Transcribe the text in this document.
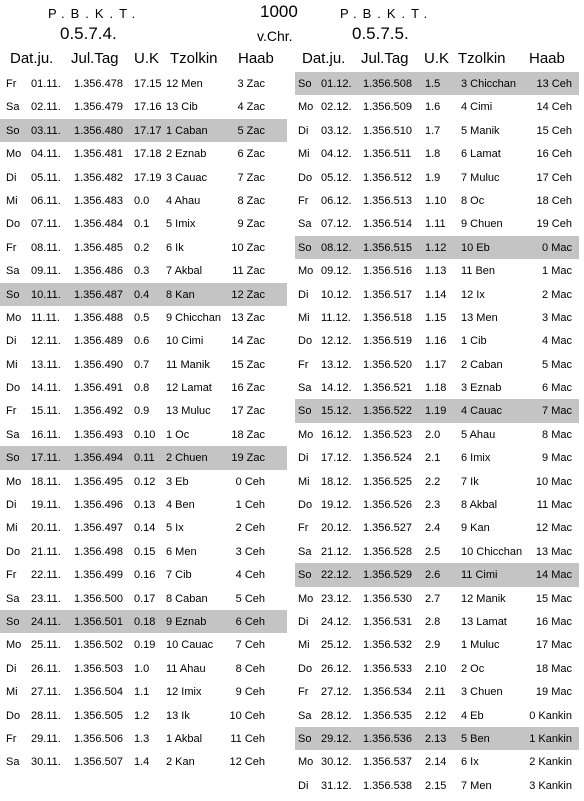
P.B.K.T.
0.5.7.4.
1000
v.Chr.
P.B.K.T.
0.5.7.5.
Dat.ju. Jul.Tag U.K Tzolkin Haab
Fr 01.11. 1.356.478 17.15 12 Men	3 Zac
Sa 02.11. 1.356.479 17.16 13 Cib	4 Zac
So 03.11. 1.356.480 17.17 1 Caban	5 Zac
Mo 04.11. 1.356.481 17.18 2 Eznab	6 Zac
Di 05.11. 1.356.482 17.19 3 Cauac	7 Zac
Mi 06.11. 1.356.483 0.0 4 Ahau	8 Zac
Do 07.11. 1.356.484 0.1 5 Imix	9 Zac
Fr 08.11. 1.356.485 0.2 6 Ik	10 Zac
Sa 09.11. 1.356.486 0.3 7 Akbal	11 Zac
So 10.11. 1.356.487 0.4 8 Kan	12 Zac
Mo 11.11. 1.356.488 0.5 9 Chicchan 13 Zac
Di 12.11. 1.356.489 0.6 10 Cimi	14 Zac
Mi 13.11. 1.356.490 0.7 11 Manik 15 Zac
Do 14.11. 1.356.491 0.8 12 Lamat 16 Zac
Fr 15.11. 1.356.492 0.9 13 Muluc 17 Zac
Sa 16.11. 1.356.493 0.10 1 Oc	18 Zac
So 17.11. 1.356.494 0.11 2 Chuen 19 Zac
Mo 18.11. 1.356.495 0.12 3 Eb	0 Ceh
Di 19.11. 1.356.496 0.13 4 Ben	1 Ceh
Mi 20.11. 1.356.497 0.14 5 Ix	2 Ceh
Do 21.11. 1.356.498 0.15 6 Men	3 Ceh
Fr 22.11. 1.356.499 0.16 7 Cib	4 Ceh
Sa 23.11. 1.356.500 0.17 8 Caban	5 Ceh
So 24.11. 1.356.501 0.18 9 Eznab	6 Ceh
Mo 25.11. 1.356.502 0.19 10 Cauac 7 Ceh
Di 26.11. 1.356.503 1.0 11 Ahau	8 Ceh
Mi 27.11. 1.356.504 1.1 12 Imix	9 Ceh
Do 28.11. 1.356.505 1.2 13 Ik	10 Ceh
Fr 29.11. 1.356.506 1.3 1 Akbal	11 Ceh
Sa 30.11. 1.356.507 1.4 2 Kan	12 Ceh
Dat.ju. Jul.Tag U.K Tzolkin Haab
So 01.12. 1.356.508 1.5 3 Chicchan 13 Ceh
Mo 02.12. 1.356.509 1.6 4 Cimi	14 Ceh
Di 03.12. 1.356.510 1.7 5 Manik	15 Ceh
Mi 04.12. 1.356.511 1.8 6 Lamat	16 Ceh
Do 05.12. 1.356.512 1.9 7 Muluc	17 Ceh
Fr 06.12. 1.356.513 1.10 8 Oc	18 Ceh
Sa 07.12. 1.356.514 1.11 9 Chuen	19 Ceh
So 08.12. 1.356.515 1.12 10 Eb	0 Mac
Mo 09.12. 1.356.516 1.13 11 Ben	1 Mac
Di 10.12. 1.356.517 1.14 12 Ix	2 Mac
Mi 11.12. 1.356.518 1.15 13 Men	3 Mac
Do 12.12. 1.356.519 1.16 1 Cib	4 Mac
Fr 13.12. 1.356.520 1.17 2 Caban	5 Mac
Sa 14.12. 1.356.521 1.18 3 Eznab	6 Mac
So 15.12. 1.356.522 1.19 4 Cauac	7 Mac
Mo 16.12. 1.356.523 2.0 5 Ahau	8 Mac
Di 17.12. 1.356.524 2.1 6 Imix	9 Mac
Mi 18.12. 1.356.525 2.2 7 Ik	10 Mac
Do 19.12. 1.356.526 2.3 8 Akbal	11 Mac
Fr 20.12. 1.356.527 2.4 9 Kan	12 Mac
Sa 21.12. 1.356.528 2.5 10 Chicchan 13 Mac
So 22.12. 1.356.529 2.6 11 Cimi	14 Mac
Mo 23.12. 1.356.530 2.7 12 Manik	15 Mac
Di 24.12. 1.356.531 2.8 13 Lamat	16 Mac
Mi 25.12. 1.356.532 2.9 1 Muluc	17 Mac
Do 26.12. 1.356.533 2.10 2 Oc	18 Mac
Fr 27.12. 1.356.534 2.11 3 Chuen	19 Mac
Sa 28.12. 1.356.535 2.12 4 Eb	0 Kankin
So 29.12. 1.356.536 2.13 5 Ben	1 Kankin
Mo 30.12. 1.356.537 2.14 6 Ix	2 Kankin
Di 31.12. 1.356.538 2.15 7 Men	3 Kankin
